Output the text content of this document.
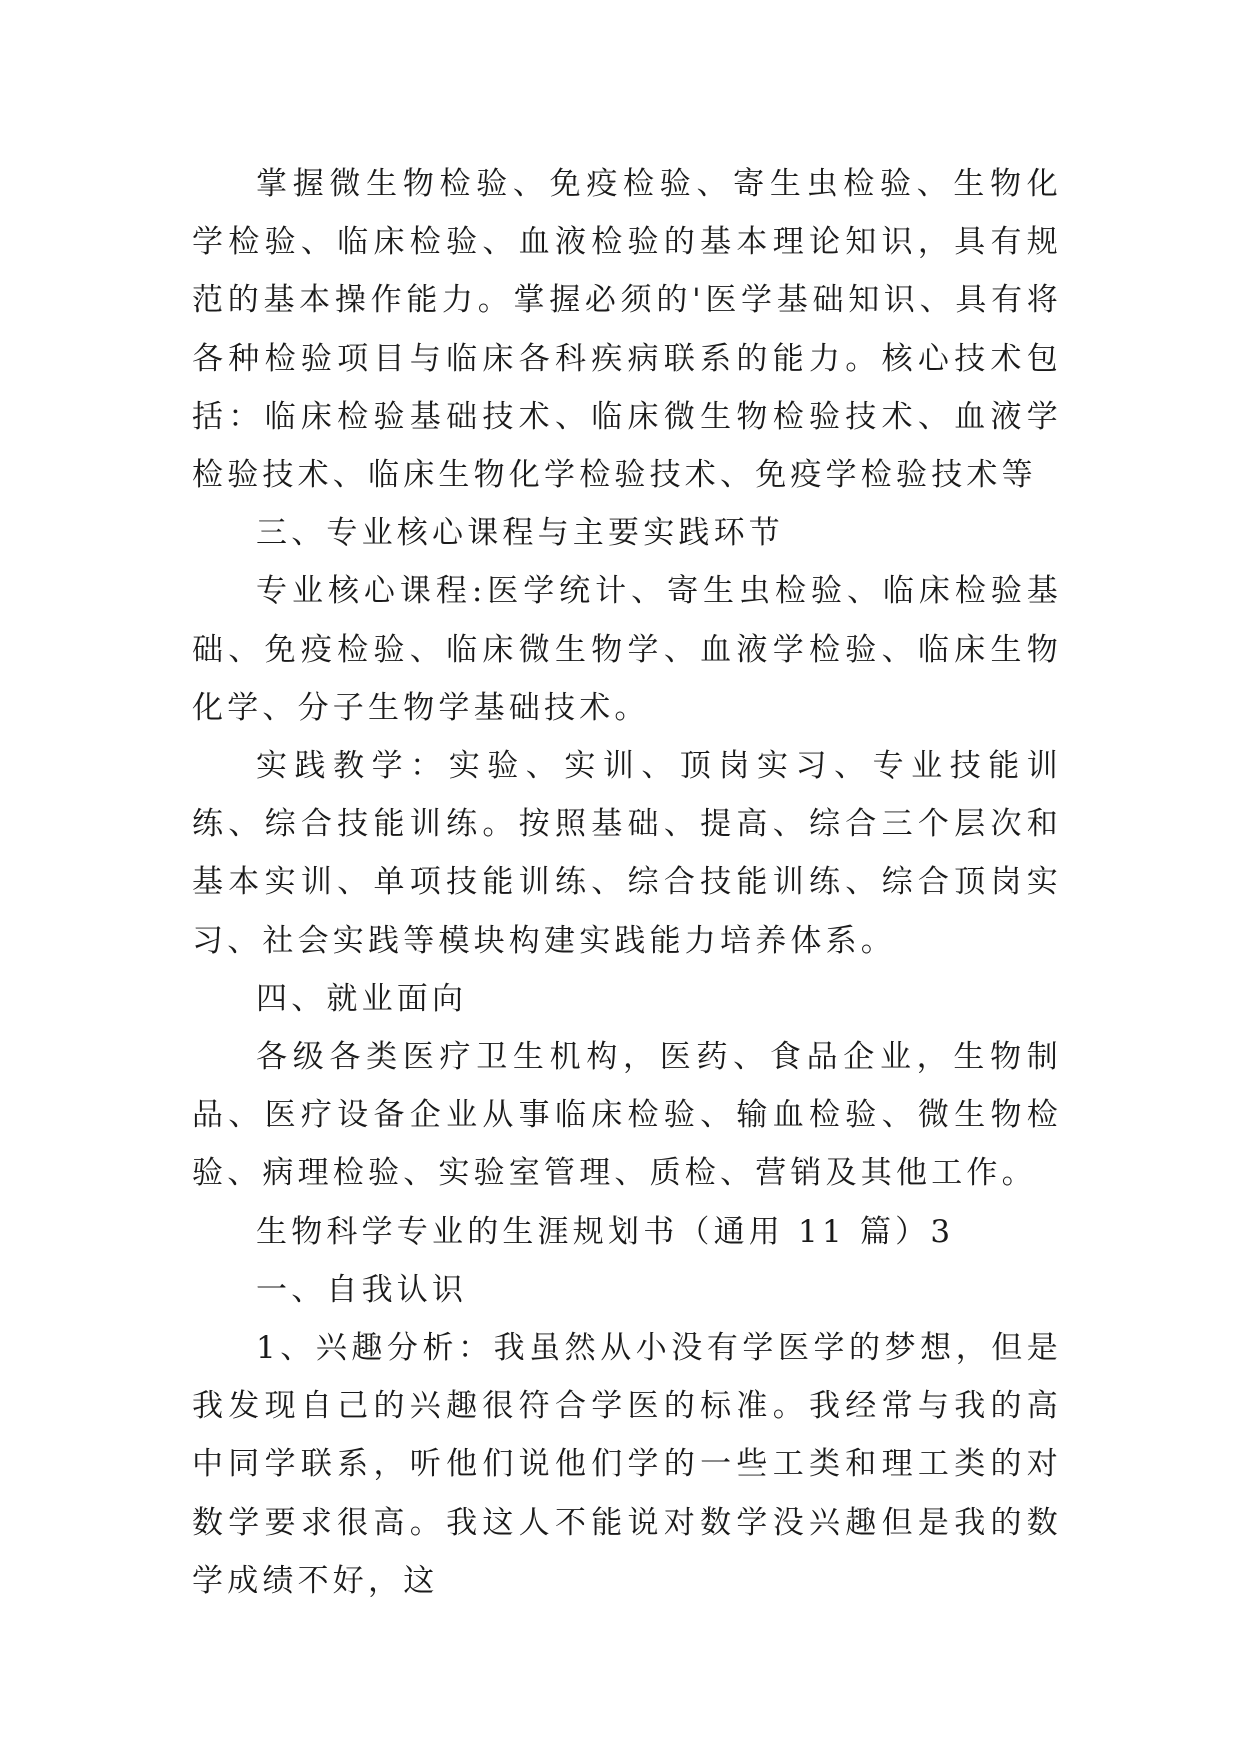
掌握微生物检验、免疫检验、寄生虫检验、生物化学检验、临床检验、血液检验的基本理论知识，具有规范的基本操作能力。掌握必须的'医学基础知识、具有将各种检验项目与临床各科疾病联系的能力。核心技术包括：临床检验基础技术、临床微生物检验技术、血液学检验技术、临床生物化学检验技术、免疫学检验技术等

三、专业核心课程与主要实践环节

专业核心课程:医学统计、寄生虫检验、临床检验基础、免疫检验、临床微生物学、血液学检验、临床生物化学、分子生物学基础技术。

实践教学：实验、实训、顶岗实习、专业技能训练、综合技能训练。按照基础、提高、综合三个层次和基本实训、单项技能训练、综合技能训练、综合顶岗实习、社会实践等模块构建实践能力培养体系。

四、就业面向

各级各类医疗卫生机构，医药、食品企业，生物制品、医疗设备企业从事临床检验、输血检验、微生物检验、病理检验、实验室管理、质检、营销及其他工作。

生物科学专业的生涯规划书（通用 11 篇）3

一、自我认识

1、兴趣分析：我虽然从小没有学医学的梦想，但是我发现自己的兴趣很符合学医的标准。我经常与我的高中同学联系，听他们说他们学的一些工类和理工类的对数学要求很高。我这人不能说对数学没兴趣但是我的数学成绩不好，这
